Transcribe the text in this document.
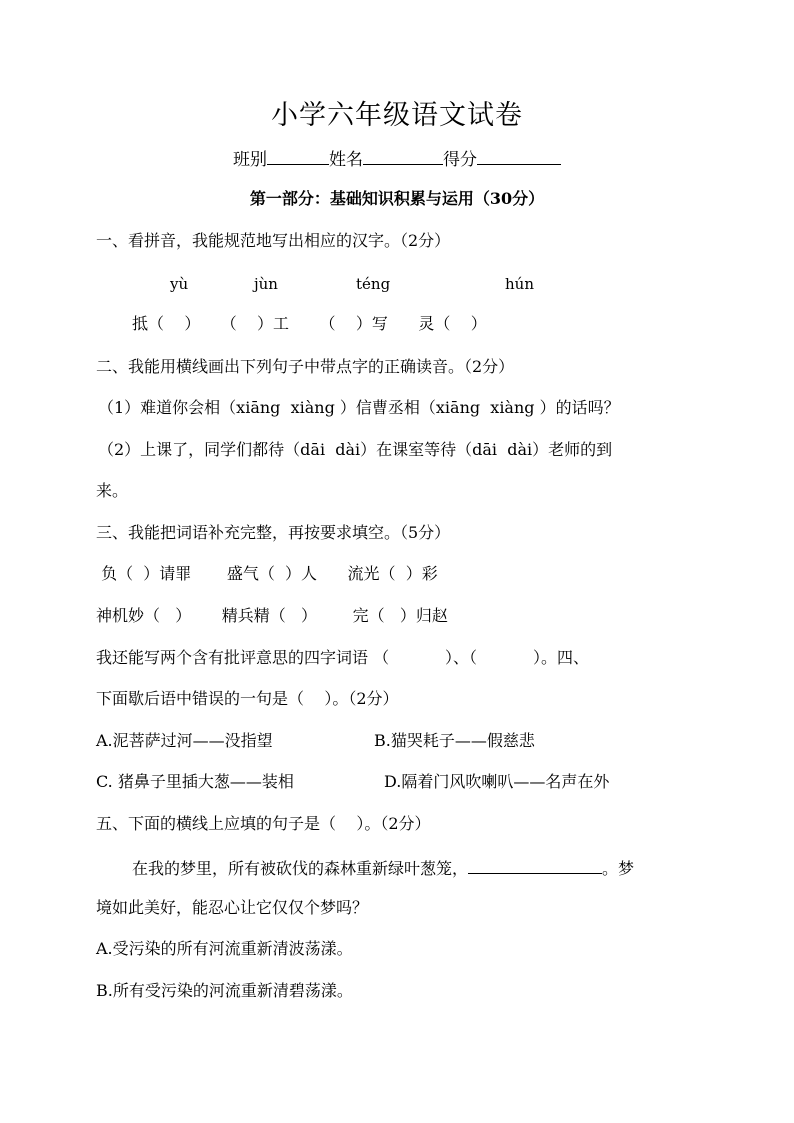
小学六年级语文试卷
班别	姓名	得分
第一部分：基础知识积累与运用（30分）
一、看拼音，我能规范地写出相应的汉字。（2分）
yù	jùn	téng	hún
抵（    ）    （    ）工      （    ）写      灵（    ）
二、我能用横线画出下列句子中带点字的正确读音。（2分）
（1）难道你会相（xiāng  xiàng ）信曹丞相（xiāng  xiàng ）的话吗？
（2）上课了，同学们都待（dāi  dài）在课室等待（dāi  dài）老师的到
来。
三、我能把词语补充完整，再按要求填空。（5分）
负（  ）请罪       盛气（  ）人      流光（  ）彩
神机妙（   ）      精兵精（   ）       完（   ）归赵
我还能写两个含有批评意思的四字词语 （           ）、（           ）。四、
下面歇后语中错误的一句是（    ）。（2分）
A.泥菩萨过河——没指望	B.猫哭耗子——假慈悲
C. 猪鼻子里插大葱——装相	D.隔着门风吹喇叭——名声在外
五、下面的横线上应填的句子是（    ）。（2分）
在我的梦里，所有被砍伐的森林重新绿叶葱笼，	。梦
境如此美好，能忍心让它仅仅个梦吗？
A.受污染的所有河流重新清波荡漾。
B.所有受污染的河流重新清碧荡漾。
